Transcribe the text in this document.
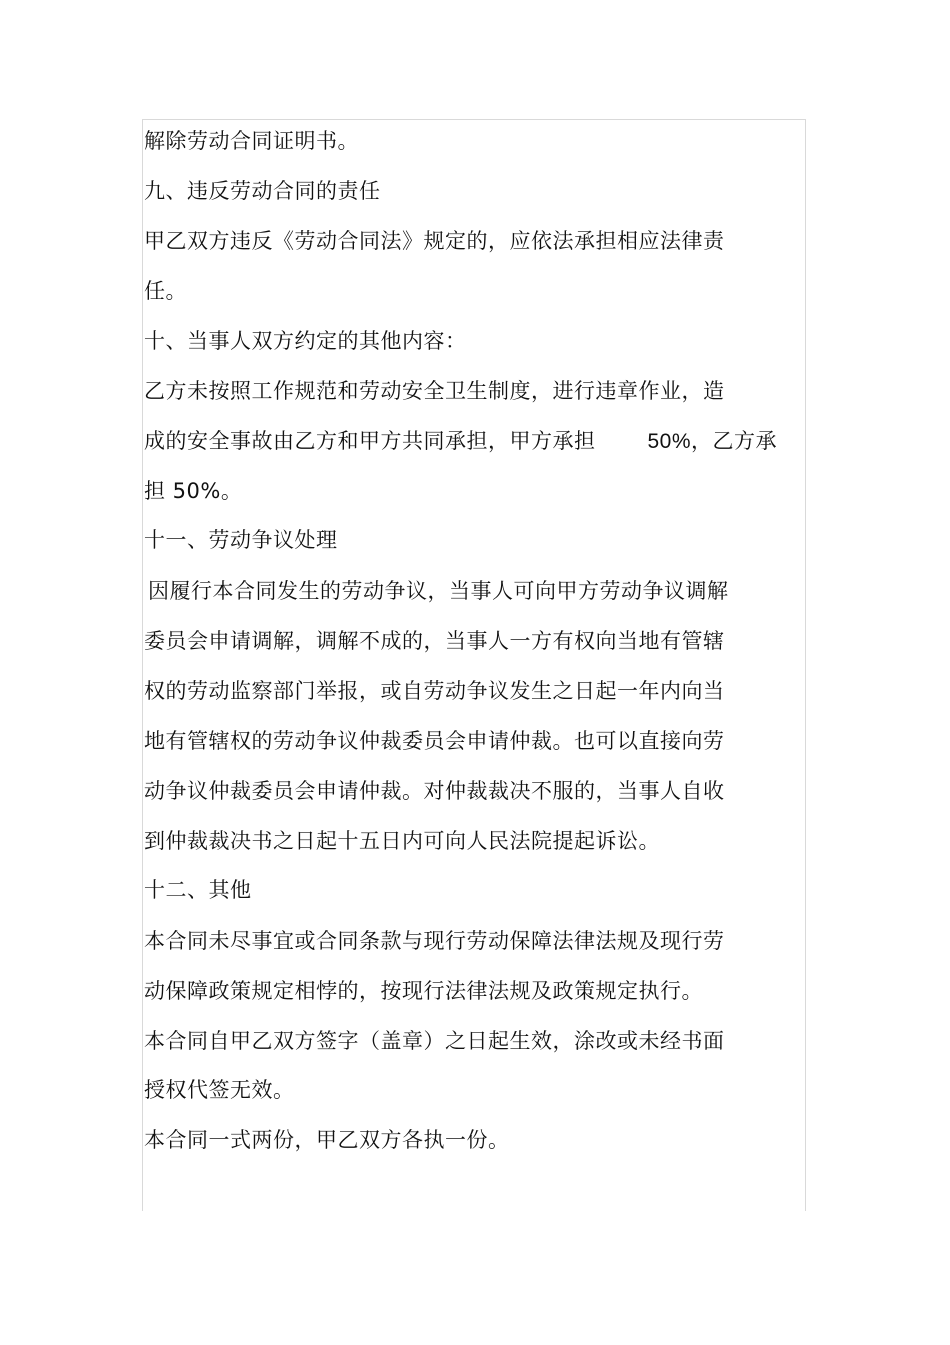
解除劳动合同证明书。
九、违反劳动合同的责任
甲乙双方违反《劳动合同法》规定的，应依法承担相应法律责
任。
十、当事人双方约定的其他内容：
乙方未按照工作规范和劳动安全卫生制度，进行违章作业，造
成的安全事故由乙方和甲方共同承担，甲方承担 50%，乙方承
担 50%。
十一、劳动争议处理
因履行本合同发生的劳动争议，当事人可向甲方劳动争议调解
委员会申请调解，调解不成的，当事人一方有权向当地有管辖
权的劳动监察部门举报，或自劳动争议发生之日起一年内向当
地有管辖权的劳动争议仲裁委员会申请仲裁。也可以直接向劳
动争议仲裁委员会申请仲裁。对仲裁裁决不服的，当事人自收
到仲裁裁决书之日起十五日内可向人民法院提起诉讼。
十二、其他
本合同未尽事宜或合同条款与现行劳动保障法律法规及现行劳
动保障政策规定相悖的，按现行法律法规及政策规定执行。
本合同自甲乙双方签字（盖章）之日起生效，涂改或未经书面
授权代签无效。
本合同一式两份，甲乙双方各执一份。
